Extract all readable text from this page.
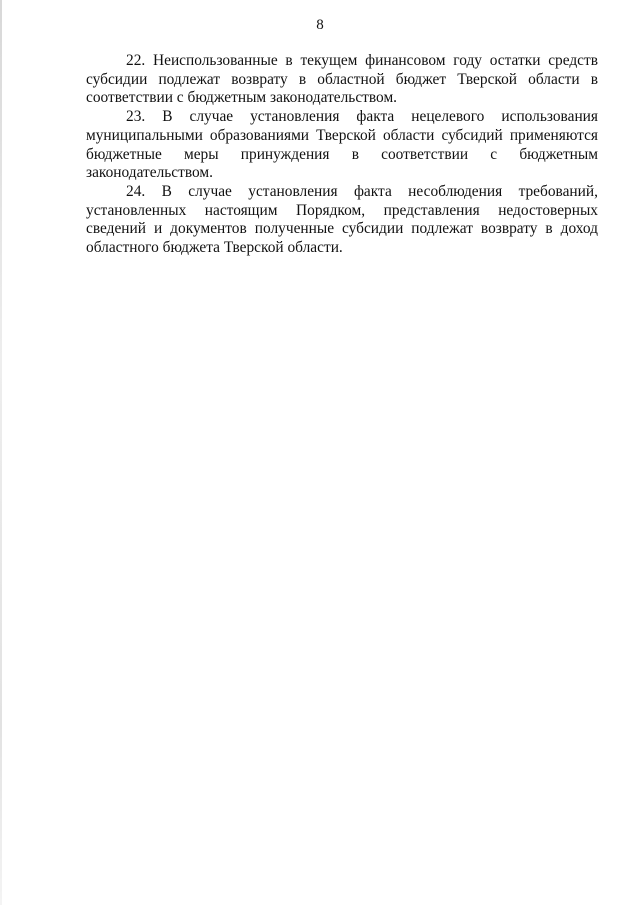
8

22. Неиспользованные в текущем финансовом году остатки средств субсидии подлежат возврату в областной бюджет Тверской области в соответствии с бюджетным законодательством.

23. В случае установления факта нецелевого использования муниципальными образованиями Тверской области субсидий применяются бюджетные меры принуждения в соответствии с бюджетным законодательством.

24. В случае установления факта несоблюдения требований, установленных настоящим Порядком, представления недостоверных сведений и документов полученные субсидии подлежат возврату в доход областного бюджета Тверской области.
